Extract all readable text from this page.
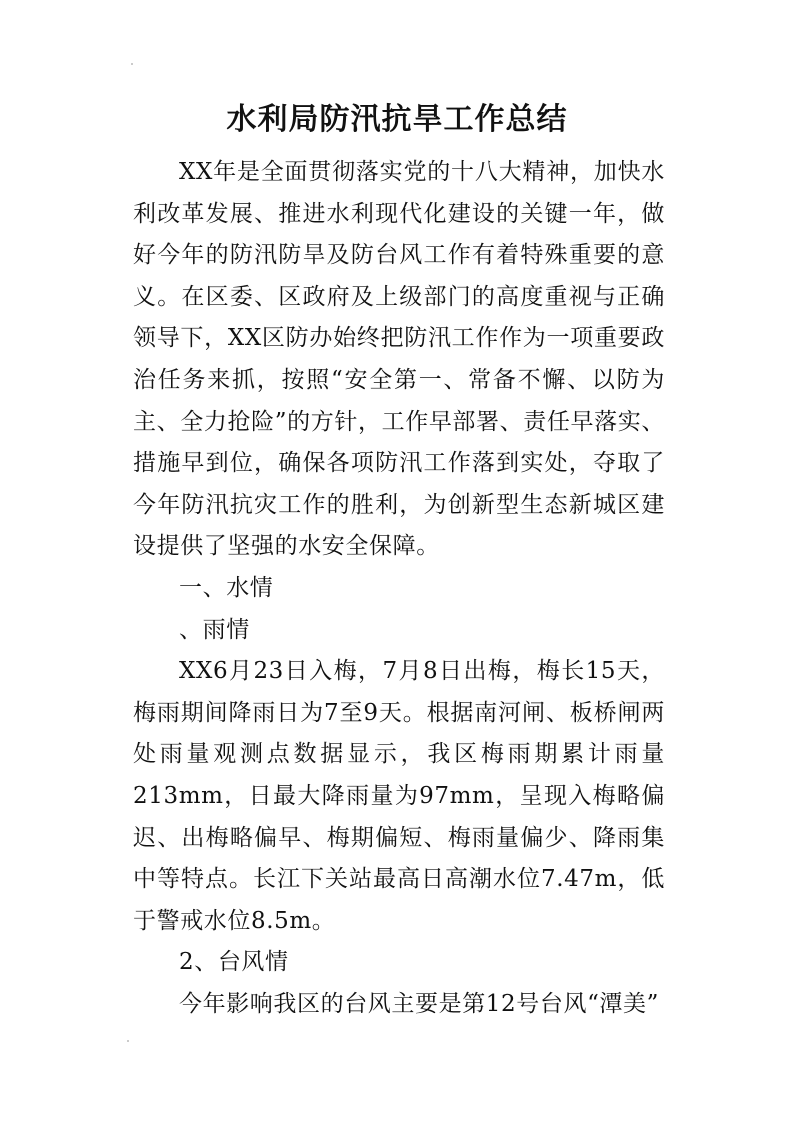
水利局防汛抗旱工作总结

XX年是全面贯彻落实党的十八大精神，加快水利改革发展、推进水利现代化建设的关键一年，做好今年的防汛防旱及防台风工作有着特殊重要的意义。在区委、区政府及上级部门的高度重视与正确领导下，XX区防办始终把防汛工作作为一项重要政治任务来抓，按照“安全第一、常备不懈、以防为主、全力抢险”的方针，工作早部署、责任早落实、措施早到位，确保各项防汛工作落到实处，夺取了今年防汛抗灾工作的胜利，为创新型生态新城区建设提供了坚强的水安全保障。

一、水情

、雨情

XX6月23日入梅，7月8日出梅，梅长15天，梅雨期间降雨日为7至9天。根据南河闸、板桥闸两处雨量观测点数据显示，我区梅雨期累计雨量213mm，日最大降雨量为97mm，呈现入梅略偏迟、出梅略偏早、梅期偏短、梅雨量偏少、降雨集中等特点。长江下关站最高日高潮水位7.47m，低于警戒水位8.5m。

2、台风情

今年影响我区的台风主要是第12号台风“潭美”
